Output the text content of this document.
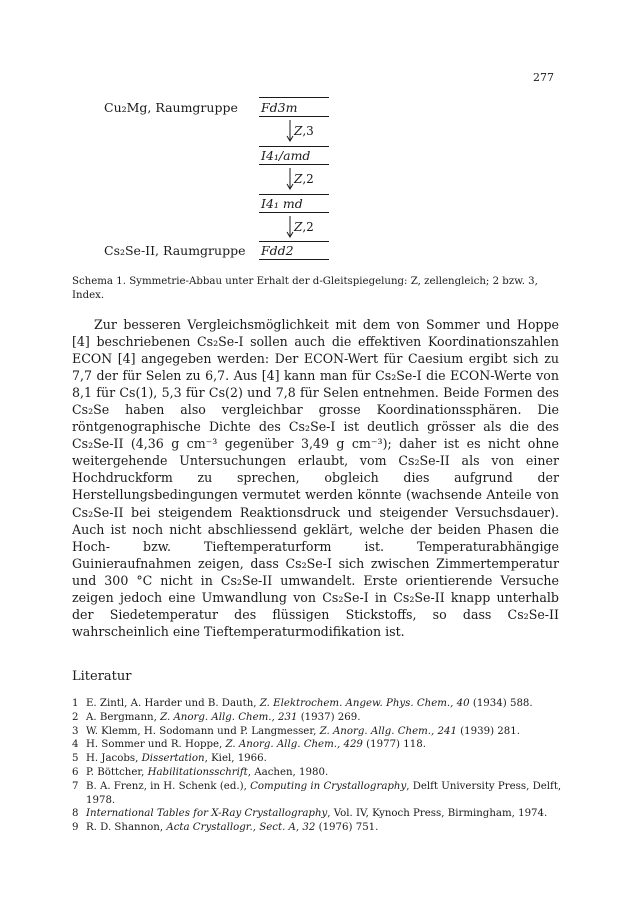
277
Cu₂Mg, Raumgruppe
Cs₂Se-II, Raumgruppe
Fd3m
Z,3
I4₁/amd
Z,2
I4₁ md
Z,2
Fdd2
Schema 1. Symmetrie-Abbau unter Erhalt der d-Gleitspiegelung: Z, zellengleich; 2 bzw. 3, Index.
Zur besseren Vergleichsmöglichkeit mit dem von Sommer und Hoppe [4] beschriebenen Cs₂Se-I sollen auch die effektiven Koordinationszahlen ECON [4] angegeben werden: Der ECON-Wert für Caesium ergibt sich zu 7,7 der für Selen zu 6,7. Aus [4] kann man für Cs₂Se-I die ECON-Werte von 8,1 für Cs(1), 5,3 für Cs(2) und 7,8 für Selen entnehmen. Beide Formen des Cs₂Se haben also vergleichbar grosse Koordinationssphären. Die röntgenographische Dichte des Cs₂Se-I ist deutlich grösser als die des Cs₂Se-II (4,36 g cm⁻³ gegenüber 3,49 g cm⁻³); daher ist es nicht ohne weitergehende Untersuchungen erlaubt, vom Cs₂Se-II als von einer Hochdruckform zu sprechen, obgleich dies aufgrund der Herstellungsbedingungen vermutet werden könnte (wachsende Anteile von Cs₂Se-II bei steigendem Reaktionsdruck und steigender Versuchsdauer). Auch ist noch nicht abschliessend geklärt, welche der beiden Phasen die Hoch- bzw. Tieftemperaturform ist. Temperaturabhängige Guinieraufnahmen zeigen, dass Cs₂Se-I sich zwischen Zimmertemperatur und 300 °C nicht in Cs₂Se-II umwandelt. Erste orientierende Versuche zeigen jedoch eine Umwandlung von Cs₂Se-I in Cs₂Se-II knapp unterhalb der Siedetemperatur des flüssigen Stickstoffs, so dass Cs₂Se-II wahrscheinlich eine Tieftemperaturmodifikation ist.
Literatur
1 E. Zintl, A. Harder und B. Dauth, Z. Elektrochem. Angew. Phys. Chem., 40 (1934) 588.
2 A. Bergmann, Z. Anorg. Allg. Chem., 231 (1937) 269.
3 W. Klemm, H. Sodomann und P. Langmesser, Z. Anorg. Allg. Chem., 241 (1939) 281.
4 H. Sommer und R. Hoppe, Z. Anorg. Allg. Chem., 429 (1977) 118.
5 H. Jacobs, Dissertation, Kiel, 1966.
6 P. Böttcher, Habilitationsschrift, Aachen, 1980.
7 B. A. Frenz, in H. Schenk (ed.), Computing in Crystallography, Delft University Press, Delft, 1978.
8 International Tables for X-Ray Crystallography, Vol. IV, Kynoch Press, Birmingham, 1974.
9 R. D. Shannon, Acta Crystallogr., Sect. A, 32 (1976) 751.
